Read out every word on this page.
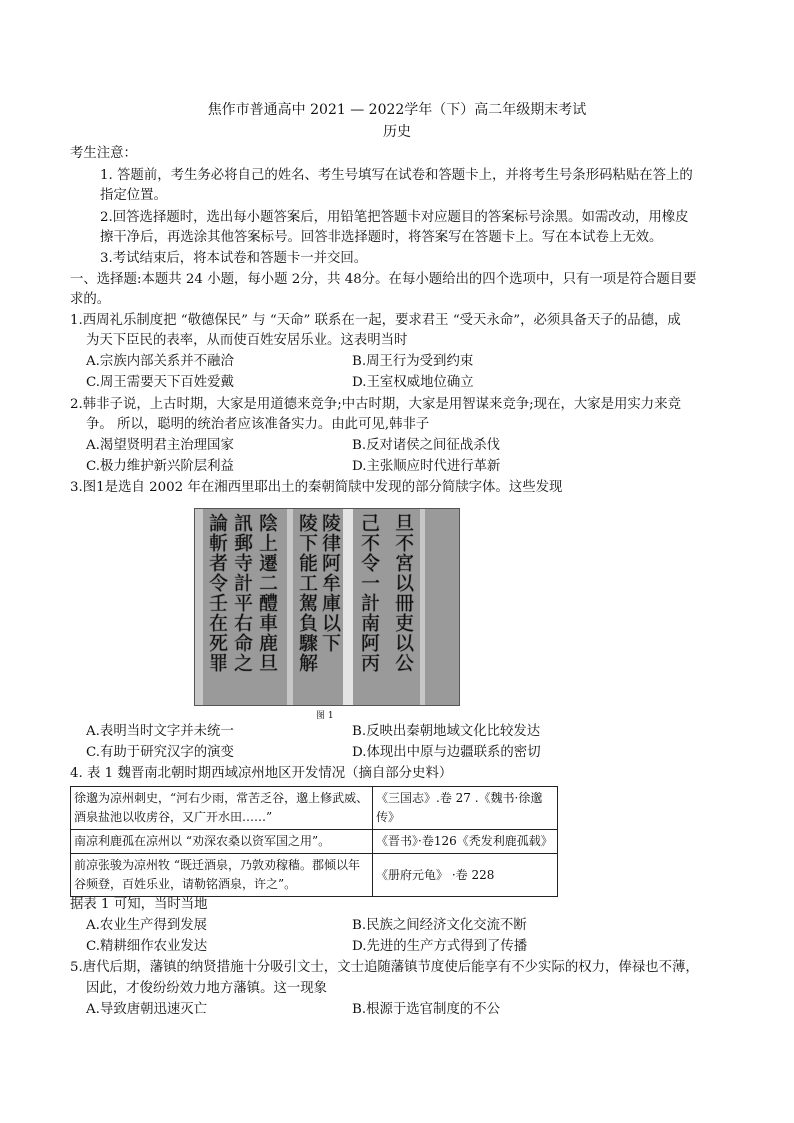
焦作市普通高中 2021 — 2022学年（下）高二年级期末考试
历史
考生注意：
1. 答题前，考生务必将自己的姓名、考生号填写在试卷和答题卡上，并将考生号条形码粘贴在答上的
指定位置。
2.回答选择题时，选出每小题答案后，用铅笔把答题卡对应题目的答案标号涂黑。如需改动，用橡皮
擦干净后，再选涂其他答案标号。回答非选择题时，将答案写在答题卡上。写在本试卷上无效。
3.考试结束后，将本试卷和答题卡一并交回。
一、选择题:本题共 24 小题，每小题 2分，共 48分。在每小题给出的四个选项中，只有一项是符合题目要
求的。
1.西周礼乐制度把 “敬德保民” 与 “天命” 联系在一起，要求君王 “受天永命”，必须具备天子的品德，成
为天下臣民的表率，从而使百姓安居乐业。这表明当时
A.宗族内部关系并不融洽	B.周王行为受到约束
C.周王需要天下百姓爱戴	D.王室权威地位确立
2.韩非子说，上古时期，大家是用道德来竞争;中古时期，大家是用智谋来竞争;现在，大家是用实力来竞
争。 所以，聪明的统治者应该准备实力。由此可见,韩非子
A.渴望贤明君主治理国家	B.反对诸侯之间征战杀伐
C.极力维护新兴阶层利益	D.主张顺应时代进行革新
3.图1是选自 2002 年在湘西里耶出土的秦朝简牍中发现的部分简牍字体。这些发现
論斬者令壬在死罪 訊郵寺計平右命之 陰上遷二醴車鹿旦 陵下能工駕負驟解 陵律阿牟庫以下 己不令一計南阿丙 旦不宮以冊吏以公
图 1
A.表明当时文字并未统一	B.反映出秦朝地域文化比较发达
C.有助于研究汉字的演变	D.体现出中原与边疆联系的密切
4. 表 1 魏晋南北朝时期西域凉州地区开发情况（摘自部分史料）
徐邈为凉州刺史，“河右少雨，常苦乏谷，邈上修武威、酒泉盐池以收虏谷，又广开水田……”	《三国志》.卷 27 .《魏书·徐邈传》
南凉利鹿孤在凉州以 “劝深农桑以资军国之用”。	《晋书》·卷126《秃发利鹿孤载》
前凉张骏为凉州牧 “既迁酒泉，乃敦劝稼穑。郡倾以年谷频登，百姓乐业，请勒铭酒泉，许之”。	《册府元龟》 ·卷 228
据表 1 可知，当时当地
A.农业生产得到发展	B.民族之间经济文化交流不断
C.精耕细作农业发达	D.先进的生产方式得到了传播
5.唐代后期，藩镇的纳贤措施十分吸引文士，文士追随藩镇节度使后能享有不少实际的权力，俸禄也不薄，
因此，才俊纷纷效力地方藩镇。这一现象
A.导致唐朝迅速灭亡	B.根源于选官制度的不公
